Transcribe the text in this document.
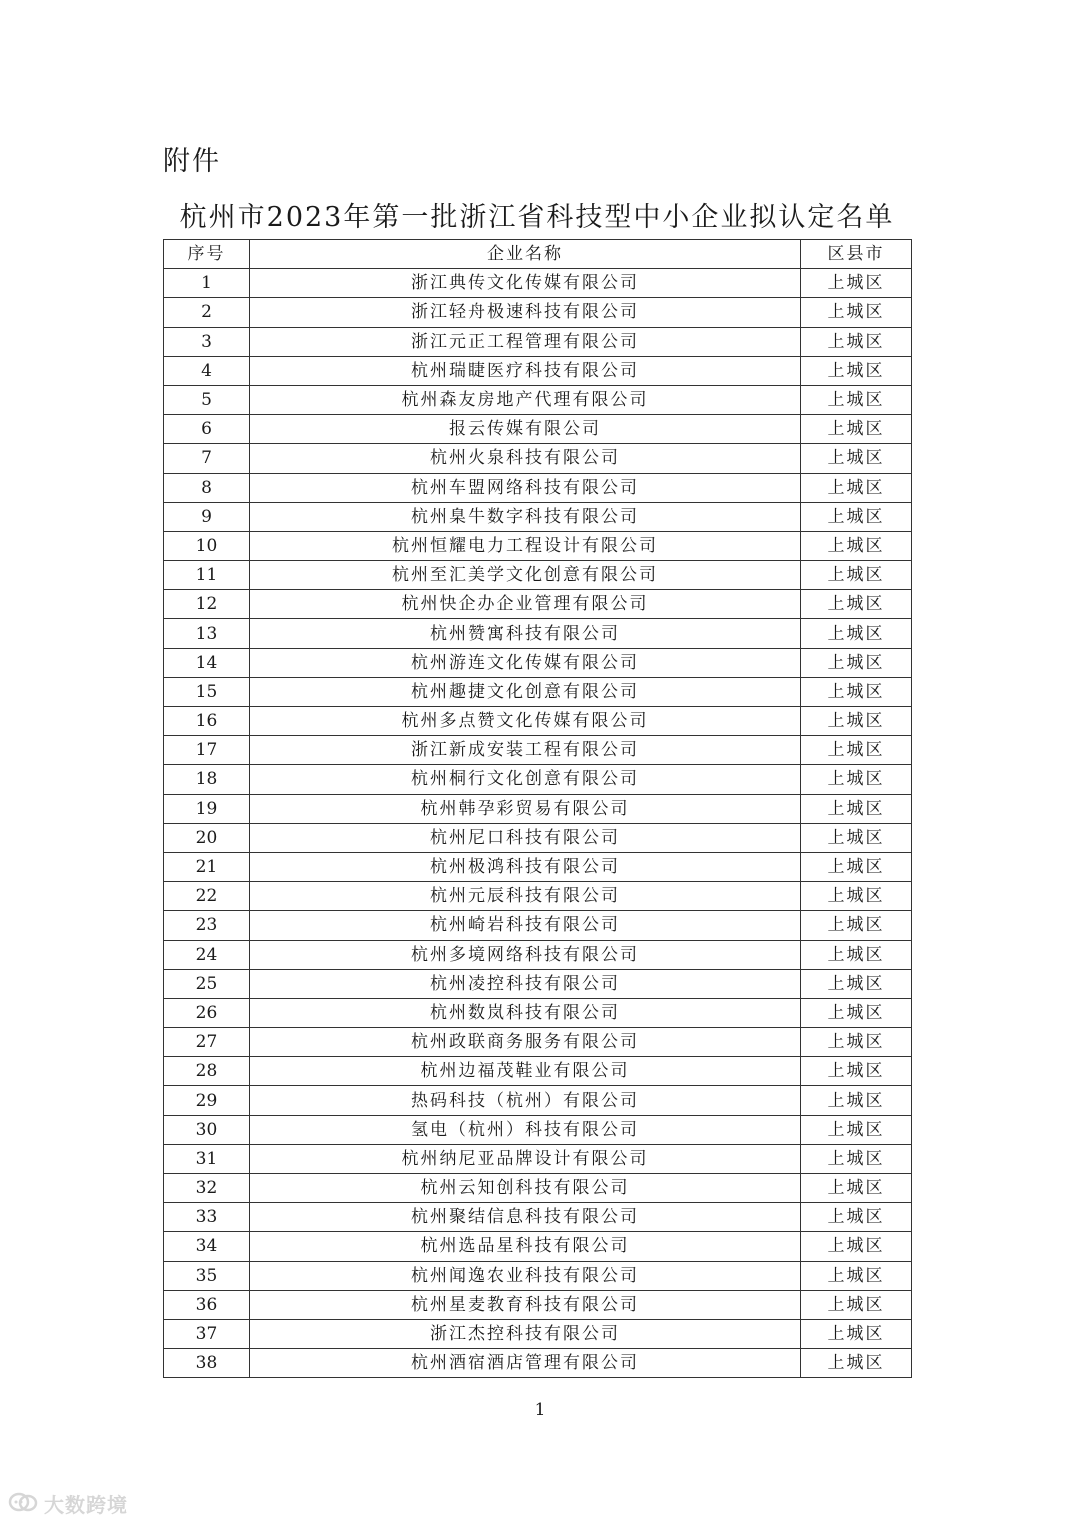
附件
杭州市2023年第一批浙江省科技型中小企业拟认定名单
序号	企业名称	区县市
1	浙江典传文化传媒有限公司	上城区
2	浙江轻舟极速科技有限公司	上城区
3	浙江元正工程管理有限公司	上城区
4	杭州瑞睫医疗科技有限公司	上城区
5	杭州森友房地产代理有限公司	上城区
6	报云传媒有限公司	上城区
7	杭州火泉科技有限公司	上城区
8	杭州车盟网络科技有限公司	上城区
9	杭州臬牛数字科技有限公司	上城区
10	杭州恒耀电力工程设计有限公司	上城区
11	杭州至汇美学文化创意有限公司	上城区
12	杭州快企办企业管理有限公司	上城区
13	杭州赞寓科技有限公司	上城区
14	杭州游连文化传媒有限公司	上城区
15	杭州趣捷文化创意有限公司	上城区
16	杭州多点赞文化传媒有限公司	上城区
17	浙江新成安装工程有限公司	上城区
18	杭州桐行文化创意有限公司	上城区
19	杭州韩孕彩贸易有限公司	上城区
20	杭州尼口科技有限公司	上城区
21	杭州极鸿科技有限公司	上城区
22	杭州元辰科技有限公司	上城区
23	杭州崎岩科技有限公司	上城区
24	杭州多境网络科技有限公司	上城区
25	杭州凌控科技有限公司	上城区
26	杭州数岚科技有限公司	上城区
27	杭州政联商务服务有限公司	上城区
28	杭州边福茂鞋业有限公司	上城区
29	热码科技（杭州）有限公司	上城区
30	氢电（杭州）科技有限公司	上城区
31	杭州纳尼亚品牌设计有限公司	上城区
32	杭州云知创科技有限公司	上城区
33	杭州聚结信息科技有限公司	上城区
34	杭州选品星科技有限公司	上城区
35	杭州闻逸农业科技有限公司	上城区
36	杭州星麦教育科技有限公司	上城区
37	浙江杰控科技有限公司	上城区
38	杭州酒宿酒店管理有限公司	上城区
1
大数跨境
